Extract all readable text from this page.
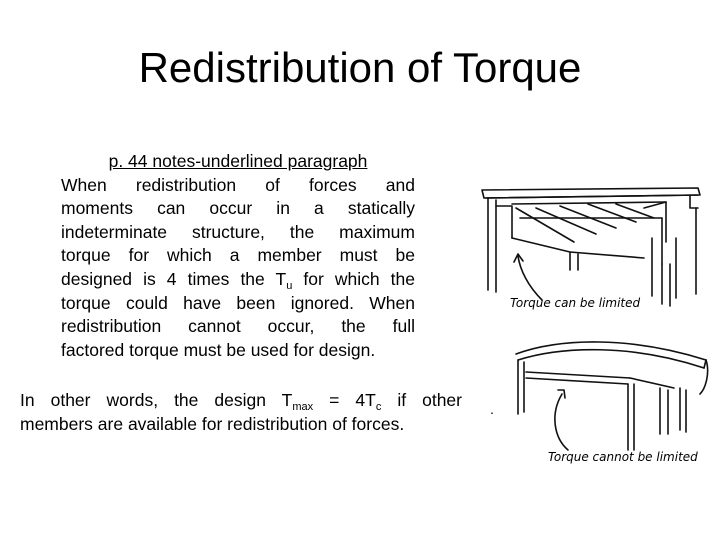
Redistribution of Torque
p. 44 notes-underlined paragraph
When redistribution of forces and
moments can occur in a statically
indeterminate structure, the maximum
torque for which a member must be
designed is 4 times the $T_u$ for which the
torque could have been ignored. When
redistribution cannot occur, the full
factored torque must be used for design.
In other words, the design $T_{max} = 4T_c$ if other
members are available for redistribution of forces.
Torque can be limited
Torque cannot be limited
.
